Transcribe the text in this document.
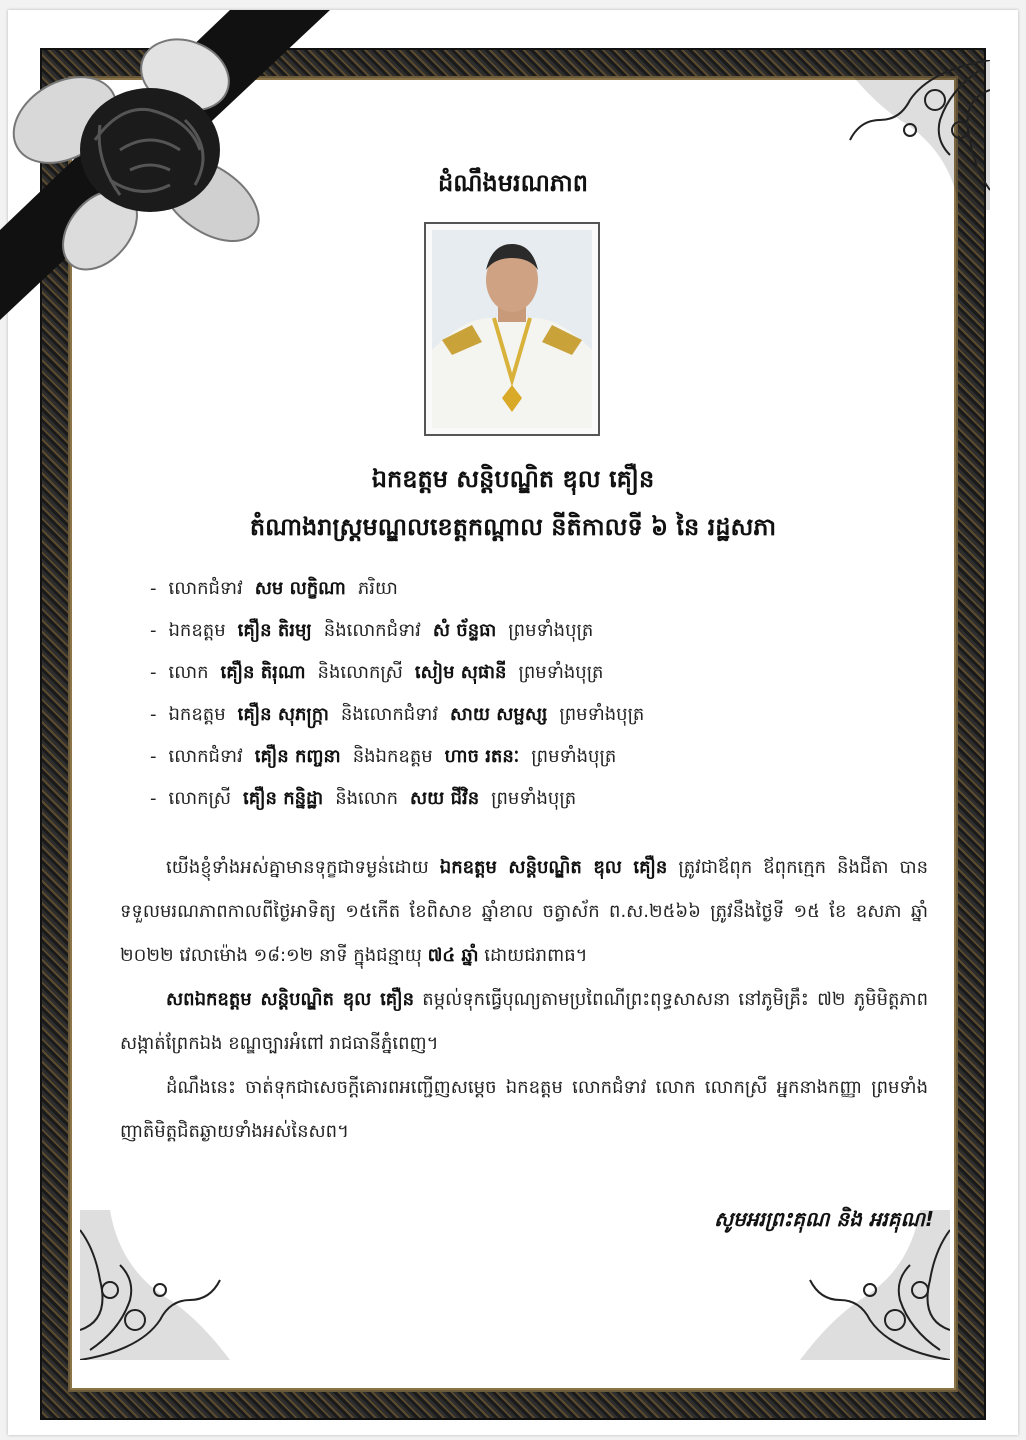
ដំណឹងមរណភាព
ឯកឧត្តម សន្តិបណ្ឌិត ឌុល គឿន
តំណាងរាស្ត្រមណ្ឌលខេត្តកណ្ដាល នីតិកាលទី ៦ នៃ រដ្ឋសភា
- លោកជំទាវ សម លក្ខិណា ភរិយា
- ឯកឧត្តម គឿន តិរម្យ និងលោកជំទាវ សំ ច័ន្ទធា ព្រមទាំងបុត្រ
- លោក គឿន តិរុណា និងលោកស្រី សៀម សុផានី ព្រមទាំងបុត្រ
- ឯកឧត្តម គឿន សុភក្រ្កា និងលោកជំទាវ សាយ សម្ផស្ស ព្រមទាំងបុត្រ
- លោកជំទាវ គឿន កញ្ចនា និងឯកឧត្តម ហាច រតនៈ ព្រមទាំងបុត្រ
- លោកស្រី គឿន កន្និដ្ឋា និងលោក សយ ជីវិន ព្រមទាំងបុត្រ
យើងខ្ញុំទាំងអស់គ្នាមានទុក្ខជាទម្ងន់ដោយ ឯកឧត្តម សន្តិបណ្ឌិត ឌុល គឿន ត្រូវជាឪពុក ឪពុកក្មេក និងជីតា បានទទួលមរណភាពកាលពីថ្ងៃអាទិត្យ ១៥កើត ខែពិសាខ ឆ្នាំខាល ចត្វាស័ក ព.ស.២៥៦៦ ត្រូវនឹងថ្ងៃទី ១៥ ខែ ឧសភា ឆ្នាំ ២០២២ វេលាម៉ោង ១៨:១២ នាទី ក្នុងជន្មាយុ ៧៤ ឆ្នាំ ដោយជរាពាធ។
សពឯកឧត្តម សន្តិបណ្ឌិត ឌុល គឿន តម្កល់ទុកធ្វើបុណ្យតាមប្រពៃណីព្រះពុទ្ធសាសនា នៅភូមិគ្រឹះ ៧២ ភូមិមិត្តភាព សង្កាត់ព្រែកឯង ខណ្ឌច្បារអំពៅ រាជធានីភ្នំពេញ។
ដំណឹងនេះ ចាត់ទុកជាសេចក្ដីគោរពអញ្ជើញសម្ដេច ឯកឧត្តម លោកជំទាវ លោក លោកស្រី អ្នកនាងកញ្ញា ព្រមទាំងញាតិមិត្តជិតឆ្ងាយទាំងអស់នៃសព។
សូមអរព្រះគុណ និង អរគុណ!
